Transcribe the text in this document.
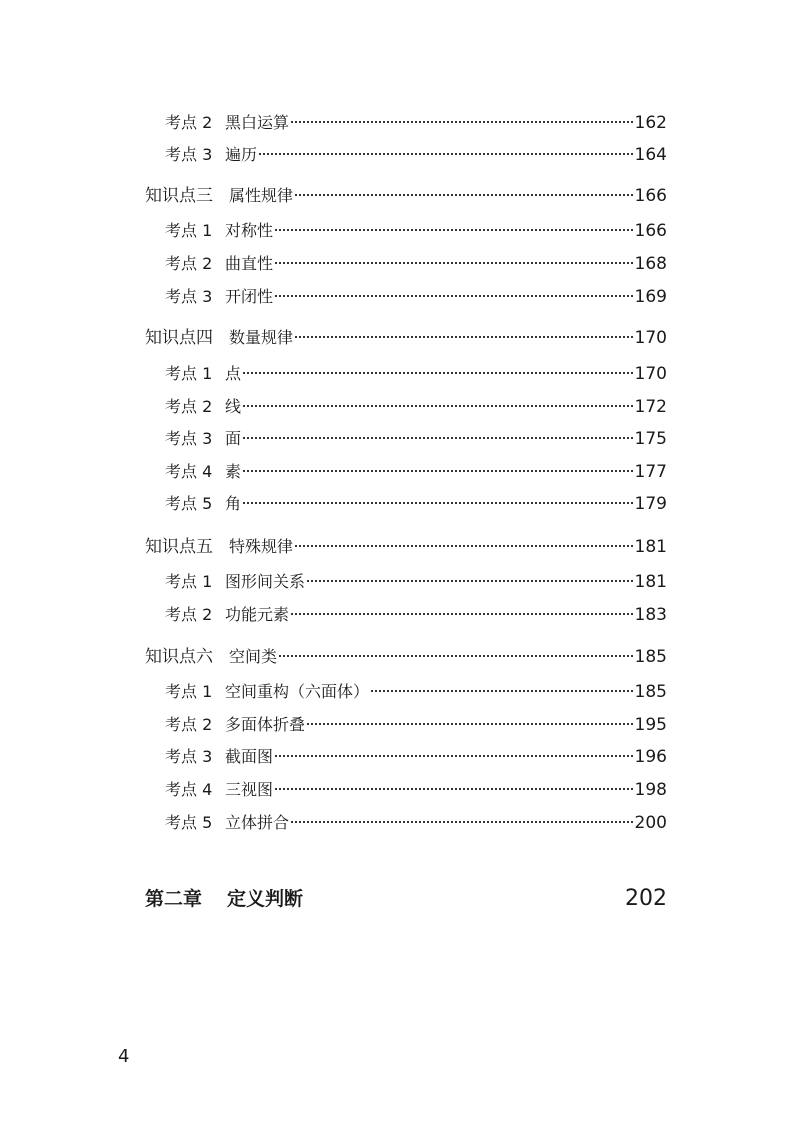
考点 2 黑白运算	162
考点 3 遍历	164
知识点三	属性规律	166
考点 1 对称性	166
考点 2 曲直性	168
考点 3 开闭性	169
知识点四	数量规律	170
考点 1 点	170
考点 2 线	172
考点 3 面	175
考点 4 素	177
考点 5 角	179
知识点五	特殊规律	181
考点 1 图形间关系	181
考点 2 功能元素	183
知识点六	空间类	185
考点 1 空间重构（六面体）	185
考点 2 多面体折叠	195
考点 3 截面图	196
考点 4 三视图	198
考点 5 立体拼合	200
第二章	定义判断	202
4
